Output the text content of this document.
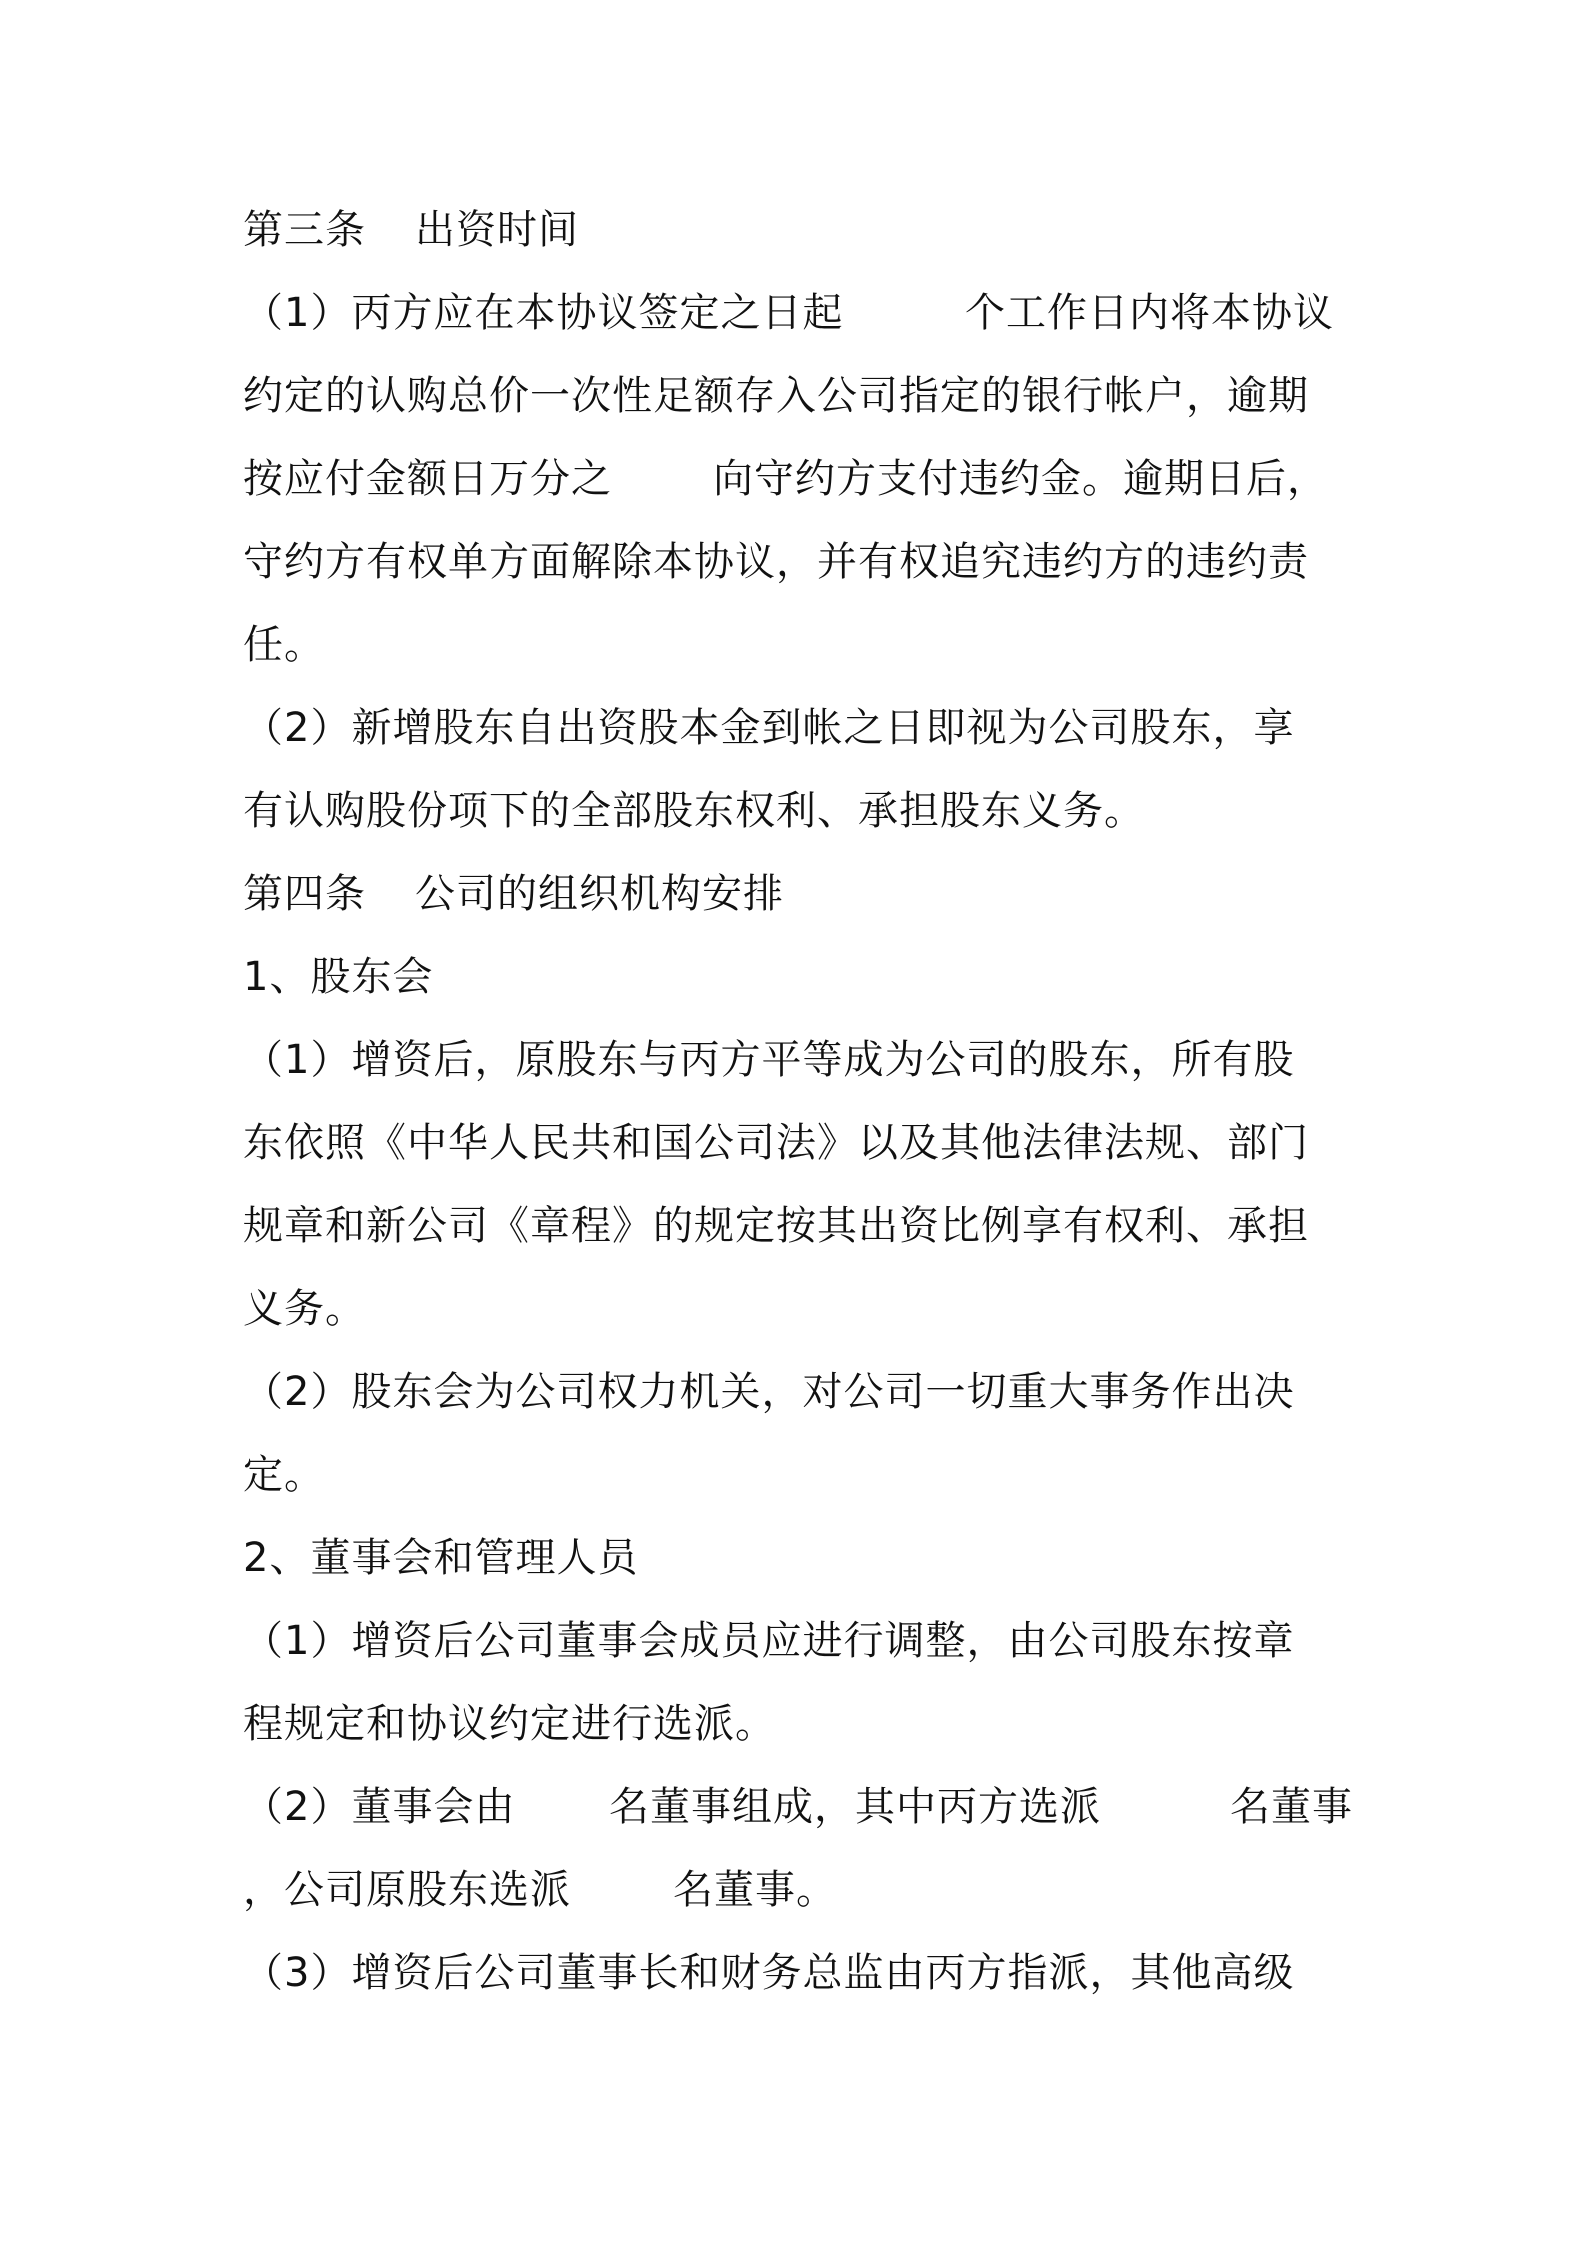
第三条

出资时间

（1）丙方应在本协议签定之日起

	个工作日内将本协议

约定的认购总价一次性足额存入公司指定的银行帐户，逾期

按应付金额日万分之

	向守约方支付违约金。逾期日后，

守约方有权单方面解除本协议，并有权追究违约方的违约责

任。

（2）新增股东自出资股本金到帐之日即视为公司股东，享

有认购股份项下的全部股东权利、承担股东义务。

第四条

公司的组织机构安排

1、股东会

（1）增资后，原股东与丙方平等成为公司的股东，所有股

东依照《中华人民共和国公司法》以及其他法律法规、部门

规章和新公司《章程》的规定按其出资比例享有权利、承担

义务。

（2）股东会为公司权力机关，对公司一切重大事务作出决

定。

2、董事会和管理人员

（1）增资后公司董事会成员应进行调整，由公司股东按章

程规定和协议约定进行选派。

（2）董事会由

名董事组成，其中丙方选派

	名董事

，公司原股东选派

	名董事。

（3）增资后公司董事长和财务总监由丙方指派，其他高级
